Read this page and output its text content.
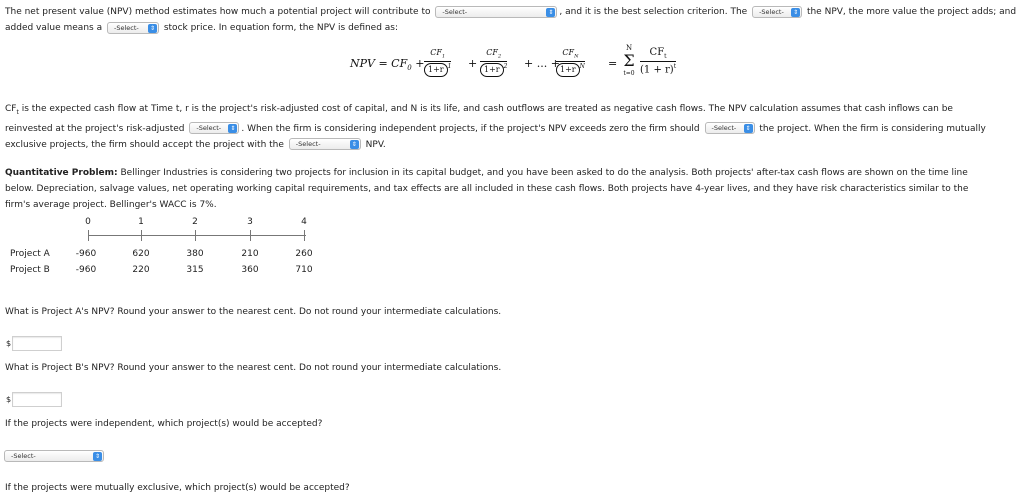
The net present value (NPV) method estimates how much a potential project will contribute to -Select-	⇕ , and it is the best selection criterion. The -Select-	⇕ the NPV, the more value the project adds; and
added value means a -Select-	⇕ stock price. In equation form, the NPV is defined as:
NPV = $CF_0 + \frac{CF_1}{1+r ^1} + \frac{CF_2}{1+r ^2}$ + ... +
$CF_N$
1+r $^N$ =
N
Σ
t=0
$CF_t$
$(1 + r)^t$
$CF_t$ is the expected cash flow at Time t, r is the project's risk-adjusted cost of capital, and N is its life, and cash outflows are treated as negative cash flows. The NPV calculation assumes that cash inflows can be
reinvested at the project's risk-adjusted -Select-	⇕ . When the firm is considering independent projects, if the project's NPV exceeds zero the firm should -Select-	⇕ the project. When the firm is considering mutually
exclusive projects, the firm should accept the project with the -Select-	⇕ NPV.
Quantitative Problem: Bellinger Industries is considering two projects for inclusion in its capital budget, and you have been asked to do the analysis. Both projects' after-tax cash flows are shown on the time line
below. Depreciation, salvage values, net operating working capital requirements, and tax effects are all included in these cash flows. Both projects have 4-year lives, and they have risk characteristics similar to the
firm's average project. Bellinger's WACC is 7%.
0	1	2	3	4
Project A	-960	620	380	210	260
Project B	-960	220	315	360	710
What is Project A's NPV? Round your answer to the nearest cent. Do not round your intermediate calculations.
$
What is Project B's NPV? Round your answer to the nearest cent. Do not round your intermediate calculations.
$
If the projects were independent, which project(s) would be accepted?
-Select-	⇕
If the projects were mutually exclusive, which project(s) would be accepted?
